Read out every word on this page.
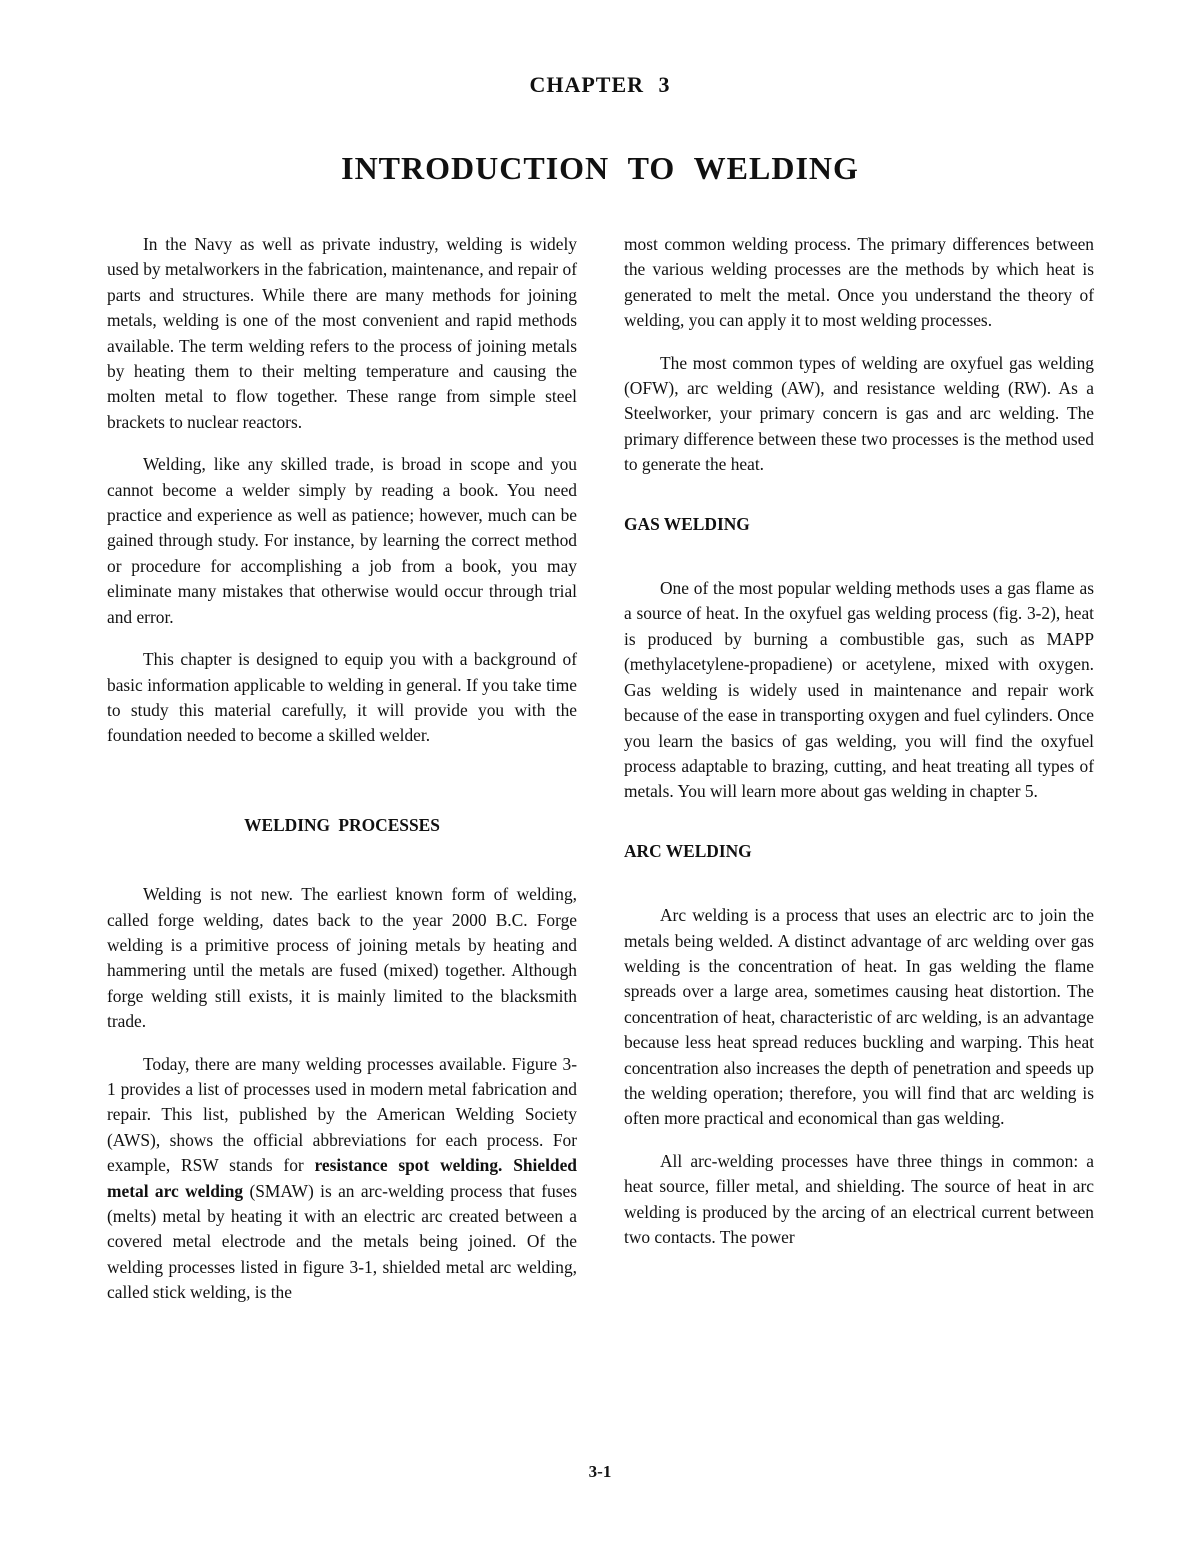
CHAPTER 3
INTRODUCTION TO WELDING

In the Navy as well as private industry, welding is widely used by metalworkers in the fabrication, maintenance, and repair of parts and structures. While there are many methods for joining metals, welding is one of the most convenient and rapid methods available. The term welding refers to the process of joining metals by heating them to their melting temperature and causing the molten metal to flow together. These range from simple steel brackets to nuclear reactors.

Welding, like any skilled trade, is broad in scope and you cannot become a welder simply by reading a book. You need practice and experience as well as patience; however, much can be gained through study. For instance, by learning the correct method or procedure for accomplishing a job from a book, you may eliminate many mistakes that otherwise would occur through trial and error.

This chapter is designed to equip you with a background of basic information applicable to welding in general. If you take time to study this material carefully, it will provide you with the foundation needed to become a skilled welder.

WELDING PROCESSES

Welding is not new. The earliest known form of welding, called forge welding, dates back to the year 2000 B.C. Forge welding is a primitive process of joining metals by heating and hammering until the metals are fused (mixed) together. Although forge welding still exists, it is mainly limited to the blacksmith trade.

Today, there are many welding processes available. Figure 3-1 provides a list of processes used in modern metal fabrication and repair. This list, published by the American Welding Society (AWS), shows the official abbreviations for each process. For example, RSW stands for resistance spot welding. Shielded metal arc welding (SMAW) is an arc-welding process that fuses (melts) metal by heating it with an electric arc created between a covered metal electrode and the metals being joined. Of the welding processes listed in figure 3-1, shielded metal arc welding, called stick welding, is the

most common welding process. The primary differences between the various welding processes are the methods by which heat is generated to melt the metal. Once you understand the theory of welding, you can apply it to most welding processes.

The most common types of welding are oxyfuel gas welding (OFW), arc welding (AW), and resistance welding (RW). As a Steelworker, your primary concern is gas and arc welding. The primary difference between these two processes is the method used to generate the heat.

GAS WELDING

One of the most popular welding methods uses a gas flame as a source of heat. In the oxyfuel gas welding process (fig. 3-2), heat is produced by burning a combustible gas, such as MAPP (methylacetylene-propadiene) or acetylene, mixed with oxygen. Gas welding is widely used in maintenance and repair work because of the ease in transporting oxygen and fuel cylinders. Once you learn the basics of gas welding, you will find the oxyfuel process adaptable to brazing, cutting, and heat treating all types of metals. You will learn more about gas welding in chapter 5.

ARC WELDING

Arc welding is a process that uses an electric arc to join the metals being welded. A distinct advantage of arc welding over gas welding is the concentration of heat. In gas welding the flame spreads over a large area, sometimes causing heat distortion. The concentration of heat, characteristic of arc welding, is an advantage because less heat spread reduces buckling and warping. This heat concentration also increases the depth of penetration and speeds up the welding operation; therefore, you will find that arc welding is often more practical and economical than gas welding.

All arc-welding processes have three things in common: a heat source, filler metal, and shielding. The source of heat in arc welding is produced by the arcing of an electrical current between two contacts. The power

3-1
